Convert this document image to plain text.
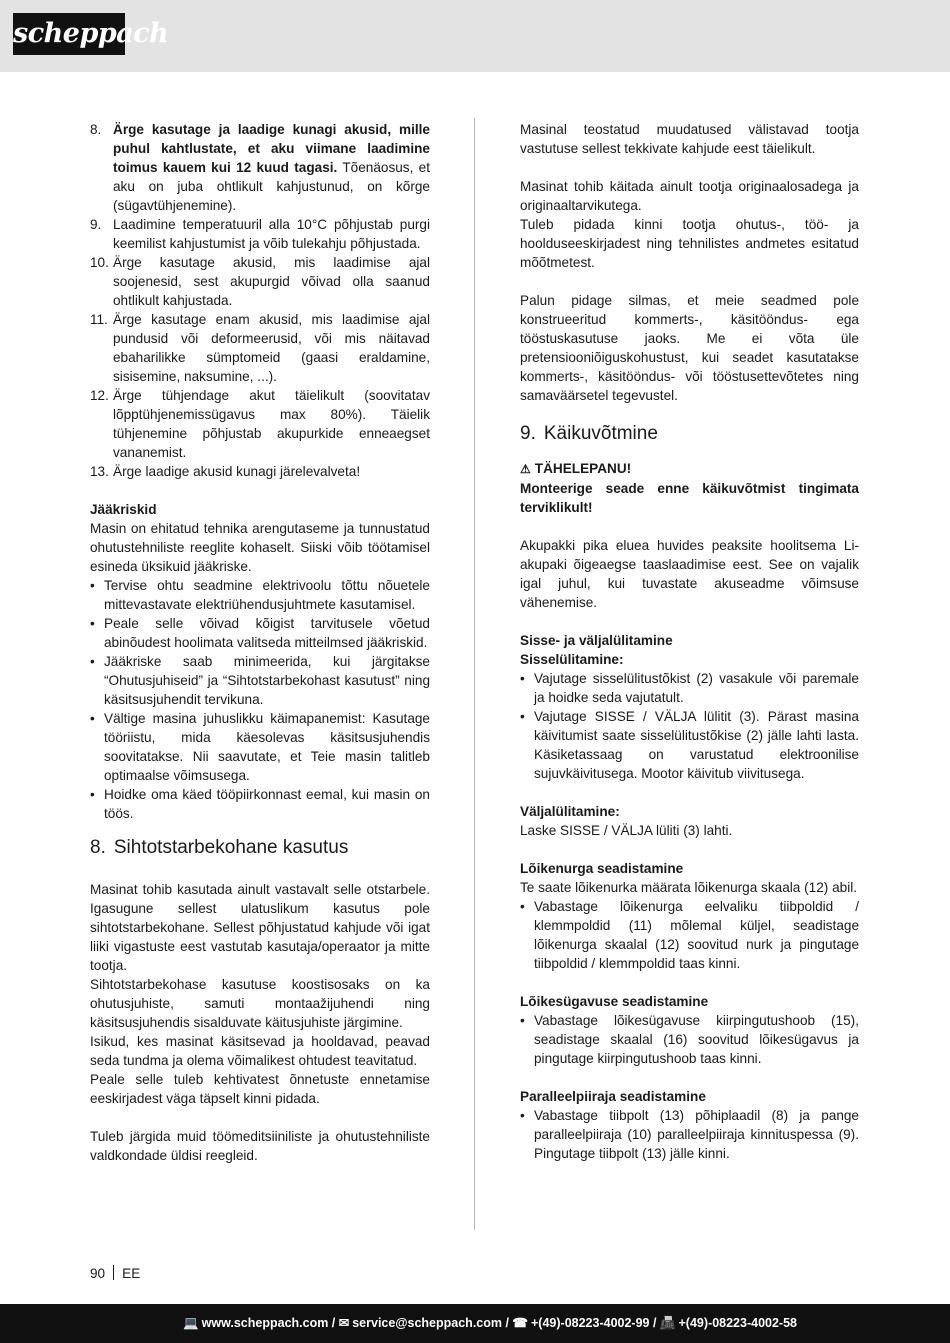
scheppach
8. Ärge kasutage ja laadige kunagi akusid, mille puhul kahtlustate, et aku viimane laadimine toimus kauem kui 12 kuud tagasi. Tõenäosus, et aku on juba ohtlikult kahjustunud, on kõrge (sügavtühjenemine).
9. Laadimine temperatuuril alla 10°C põhjustab purgi keemilist kahjustumist ja võib tulekahju põhjustada.
10. Ärge kasutage akusid, mis laadimise ajal soojenesid, sest akupurgid võivad olla saanud ohtlikult kahjustada.
11. Ärge kasutage enam akusid, mis laadimise ajal pundusid või deformeerusid, või mis näitavad ebaharilikke sümptomeid (gaasi eraldamine, sisisemine, naksumine, ...).
12. Ärge tühjendage akut täielikult (soovitatav lõpptühjenemissügavus max 80%). Täielik tühjenemine põhjustab akupurkide enneaegset vananemist.
13. Ärge laadige akusid kunagi järelevalveta!

Jääkriskid

Masin on ehitatud tehnika arengutaseme ja tunnustatud ohutustehniliste reeglite kohaselt. Siiski võib töötamisel esineda üksikuid jääkriske.

• Tervise ohtu seadmine elektrivoolu tõttu nõuetele mittevastavate elektriühendusjuhtmete kasutamisel.
• Peale selle võivad kõigist tarvitusele võetud abinõudest hoolimata valitseda mitteilmsed jääkriskid.
• Jääkriske saab minimeerida, kui järgitakse “Ohutusjuhiseid” ja “Sihtotstarbekohast kasutust” ning käsitsusjuhendit tervikuna.
• Vältige masina juhuslikku käimapanemist: Kasutage tööriistu, mida käesolevas käsitsusjuhendis soovitatakse. Nii saavutate, et Teie masin talitleb optimaalse võimsusega.
• Hoidke oma käed tööpiirkonnast eemal, kui masin on töös.
8. Sihtotstarbekohane kasutus

Masinat tohib kasutada ainult vastavalt selle otstarbele. Igasugune sellest ulatuslikum kasutus pole sihtotstarbekohane. Sellest põhjustatud kahjude või igat liiki vigastuste eest vastutab kasutaja/operaator ja mitte tootja.

Sihtotstarbekohase kasutuse koostisosaks on ka ohutusjuhiste, samuti montaažijuhendi ning käsitsusjuhendis sisalduvate käitusjuhiste järgimine.

Isikud, kes masinat käsitsevad ja hooldavad, peavad seda tundma ja olema võimalikest ohtudest teavitatud.

Peale selle tuleb kehtivatest õnnetuste ennetamise eeskirjadest väga täpselt kinni pidada.

Tuleb järgida muid töömeditsiiniliste ja ohutustehniliste valdkondade üldisi reegleid.

Masinal teostatud muudatused välistavad tootja vastutuse sellest tekkivate kahjude eest täielikult.

Masinat tohib käitada ainult tootja originaalosadega ja originaaltarvikutega.

Tuleb pidada kinni tootja ohutus-, töö- ja hoolduseeskirjadest ning tehnilistes andmetes esitatud mõõtmetest.

Palun pidage silmas, et meie seadmed pole konstrueeritud kommerts-, käsitööndus- ega tööstuskasutuse jaoks. Me ei võta üle pretensiooniõiguskohustust, kui seadet kasutatakse kommerts-, käsitööndus- või tööstusettevõtetes ning samaväärsetel tegevustel.

9. Käikuvõtmine

⚠ TÄHELEPANU!

Monteerige seade enne käikuvõtmist tingimata terviklikult!

Akupakki pika eluea huvides peaksite hoolitsema Li-akupaki õigeaegse taaslaadimise eest. See on vajalik igal juhul, kui tuvastate akuseadme võimsuse vähenemise.

Sisse- ja väljalülitamine

Sisselülitamine:

• Vajutage sisselülitustõkist (2) vasakule või paremale ja hoidke seda vajutatult.
• Vajutage SISSE / VÄLJA lülitit (3). Pärast masina käivitumist saate sisselülitustõkise (2) jälle lahti lasta. Käsiketassaag on varustatud elektroonilise sujuvkäivitusega. Mootor käivitub viivitusega.

Väljalülitamine:

Laske SISSE / VÄLJA lüliti (3) lahti.

Lõikenurga seadistamine

Te saate lõikenurka määrata lõikenurga skaala (12) abil.

• Vabastage lõikenurga eelvaliku tiibpoldid / klemmpoldid (11) mõlemal küljel, seadistage lõikenurga skaalal (12) soovitud nurk ja pingutage tiibpoldid / klemmpoldid taas kinni.

Lõikesügavuse seadistamine

• Vabastage lõikesügavuse kiirpingutushoob (15), seadistage skaalal (16) soovitud lõikesügavus ja pingutage kiirpingutushoob taas kinni.

Paralleelpiiraja seadistamine

• Vabastage tiibpolt (13) põhiplaadil (8) ja pange paralleelpiiraja (10) paralleelpiiraja kinnituspessa (9). Pingutage tiibpolt (13) jälle kinni.
90 EE
💻 www.scheppach.com / ✉ service@scheppach.com / ☎ +(49)-08223-4002-99 / 📠 +(49)-08223-4002-58
